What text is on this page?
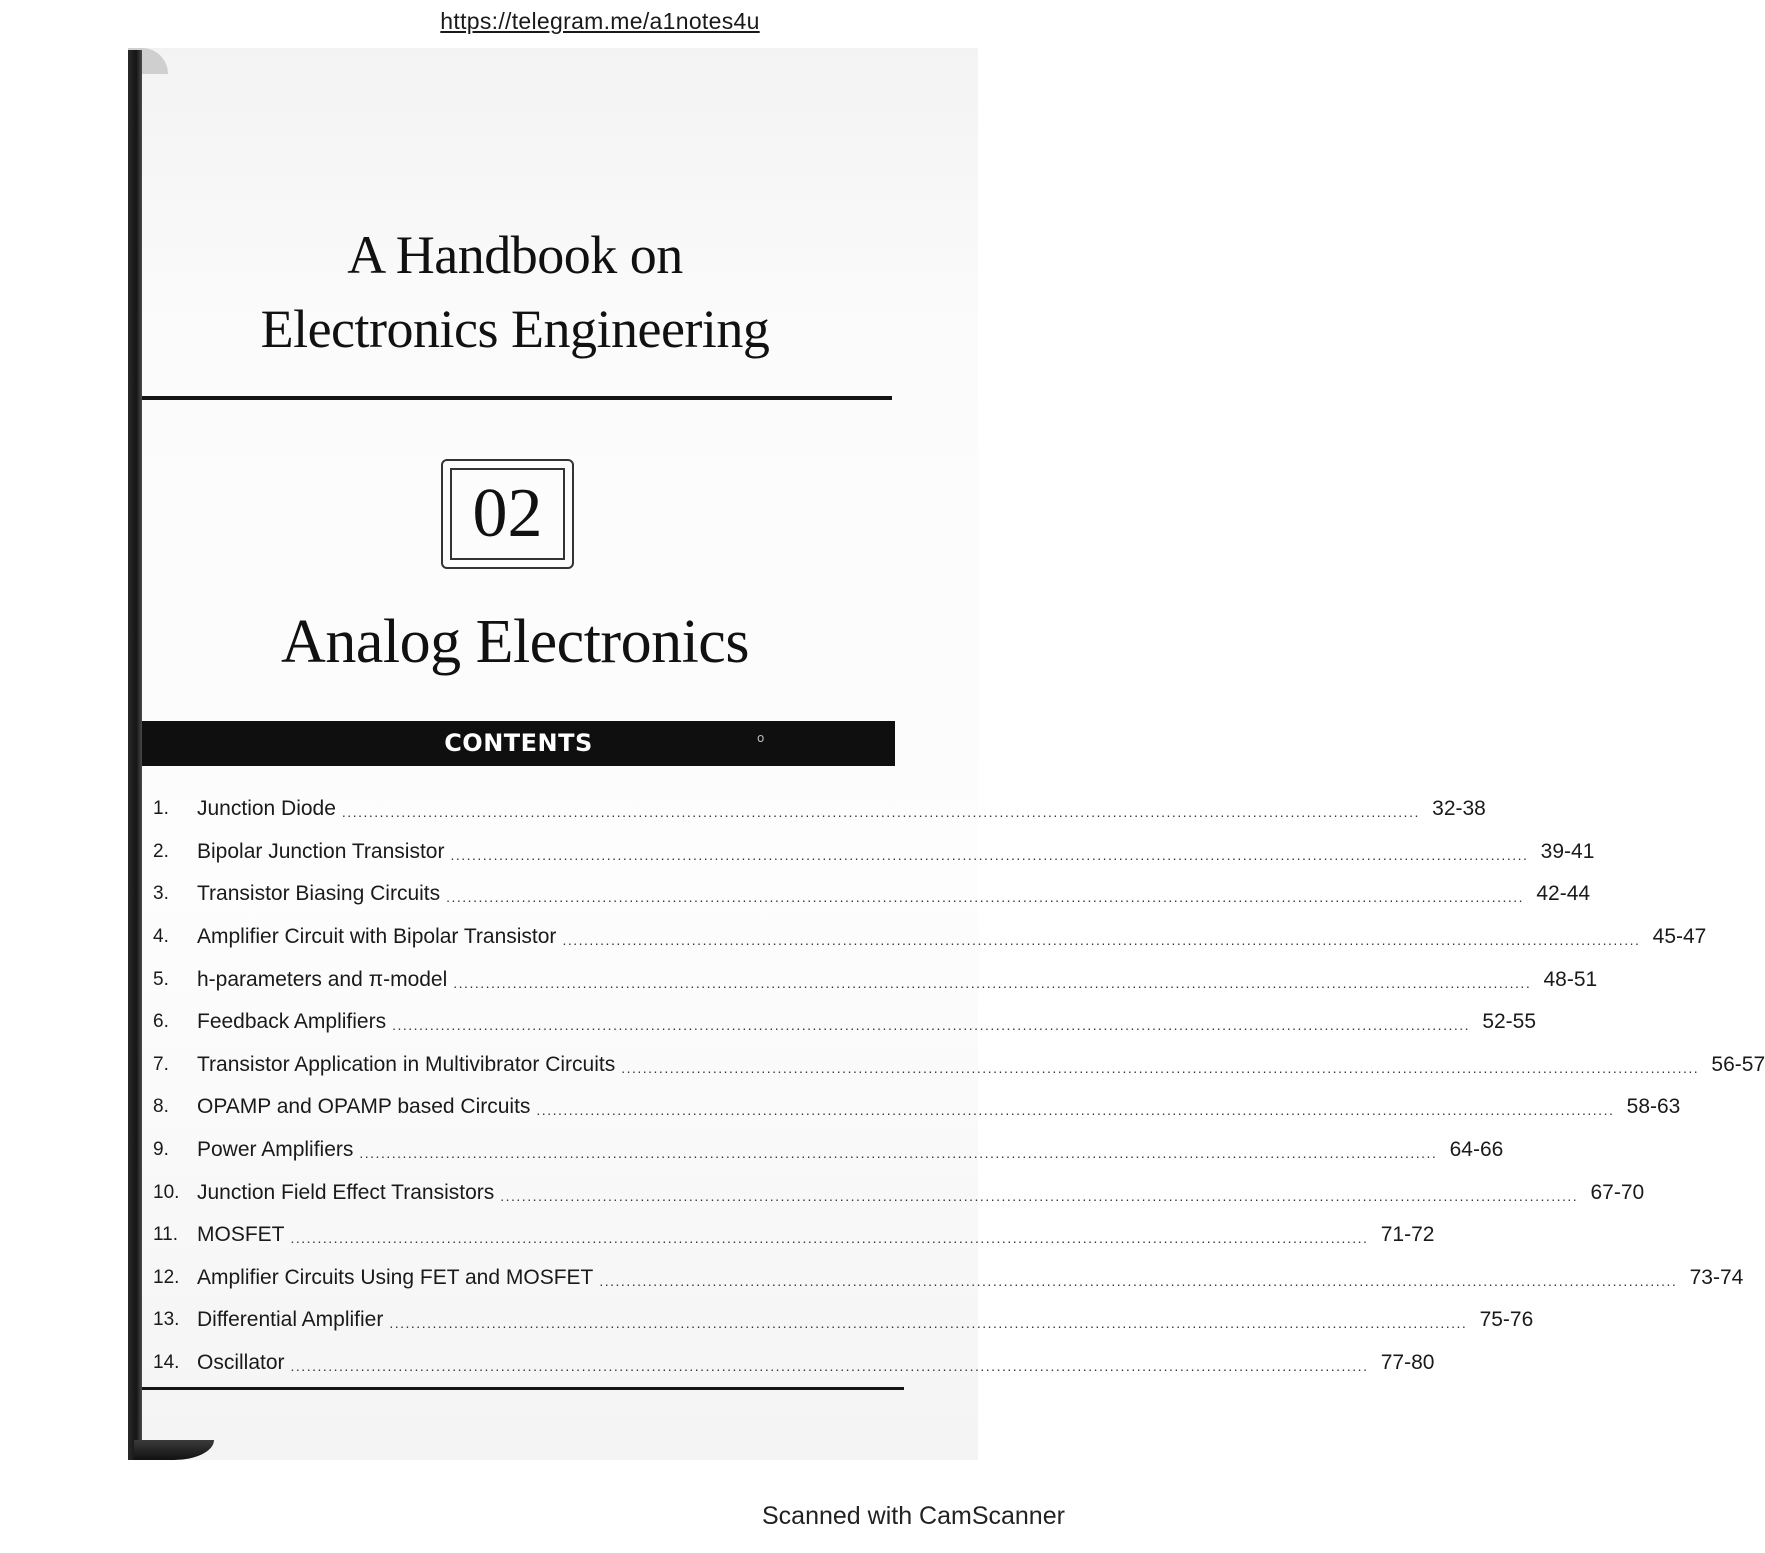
https://telegram.me/a1notes4u
A Handbook on
Electronics Engineering
02
Analog Electronics
CONTENTS	o
1.	Junction Diode ........................................................................................................................................................................................................ 32-38
2.	Bipolar Junction Transistor ........................................................................................................................................................................................................ 39-41
3.	Transistor Biasing Circuits ........................................................................................................................................................................................................ 42-44
4.	Amplifier Circuit with Bipolar Transistor ........................................................................................................................................................................................................ 45-47
5.	h-parameters and π-model ........................................................................................................................................................................................................ 48-51
6.	Feedback Amplifiers ........................................................................................................................................................................................................ 52-55
7.	Transistor Application in Multivibrator Circuits ........................................................................................................................................................................................................ 56-57
8.	OPAMP and OPAMP based Circuits ........................................................................................................................................................................................................ 58-63
9.	Power Amplifiers ........................................................................................................................................................................................................ 64-66
10. Junction Field Effect Transistors ........................................................................................................................................................................................................ 67-70
11. MOSFET ........................................................................................................................................................................................................ 71-72
12. Amplifier Circuits Using FET and MOSFET ........................................................................................................................................................................................................ 73-74
13. Differential Amplifier ........................................................................................................................................................................................................ 75-76
14. Oscillator ........................................................................................................................................................................................................ 77-80
Scanned with CamScanner
